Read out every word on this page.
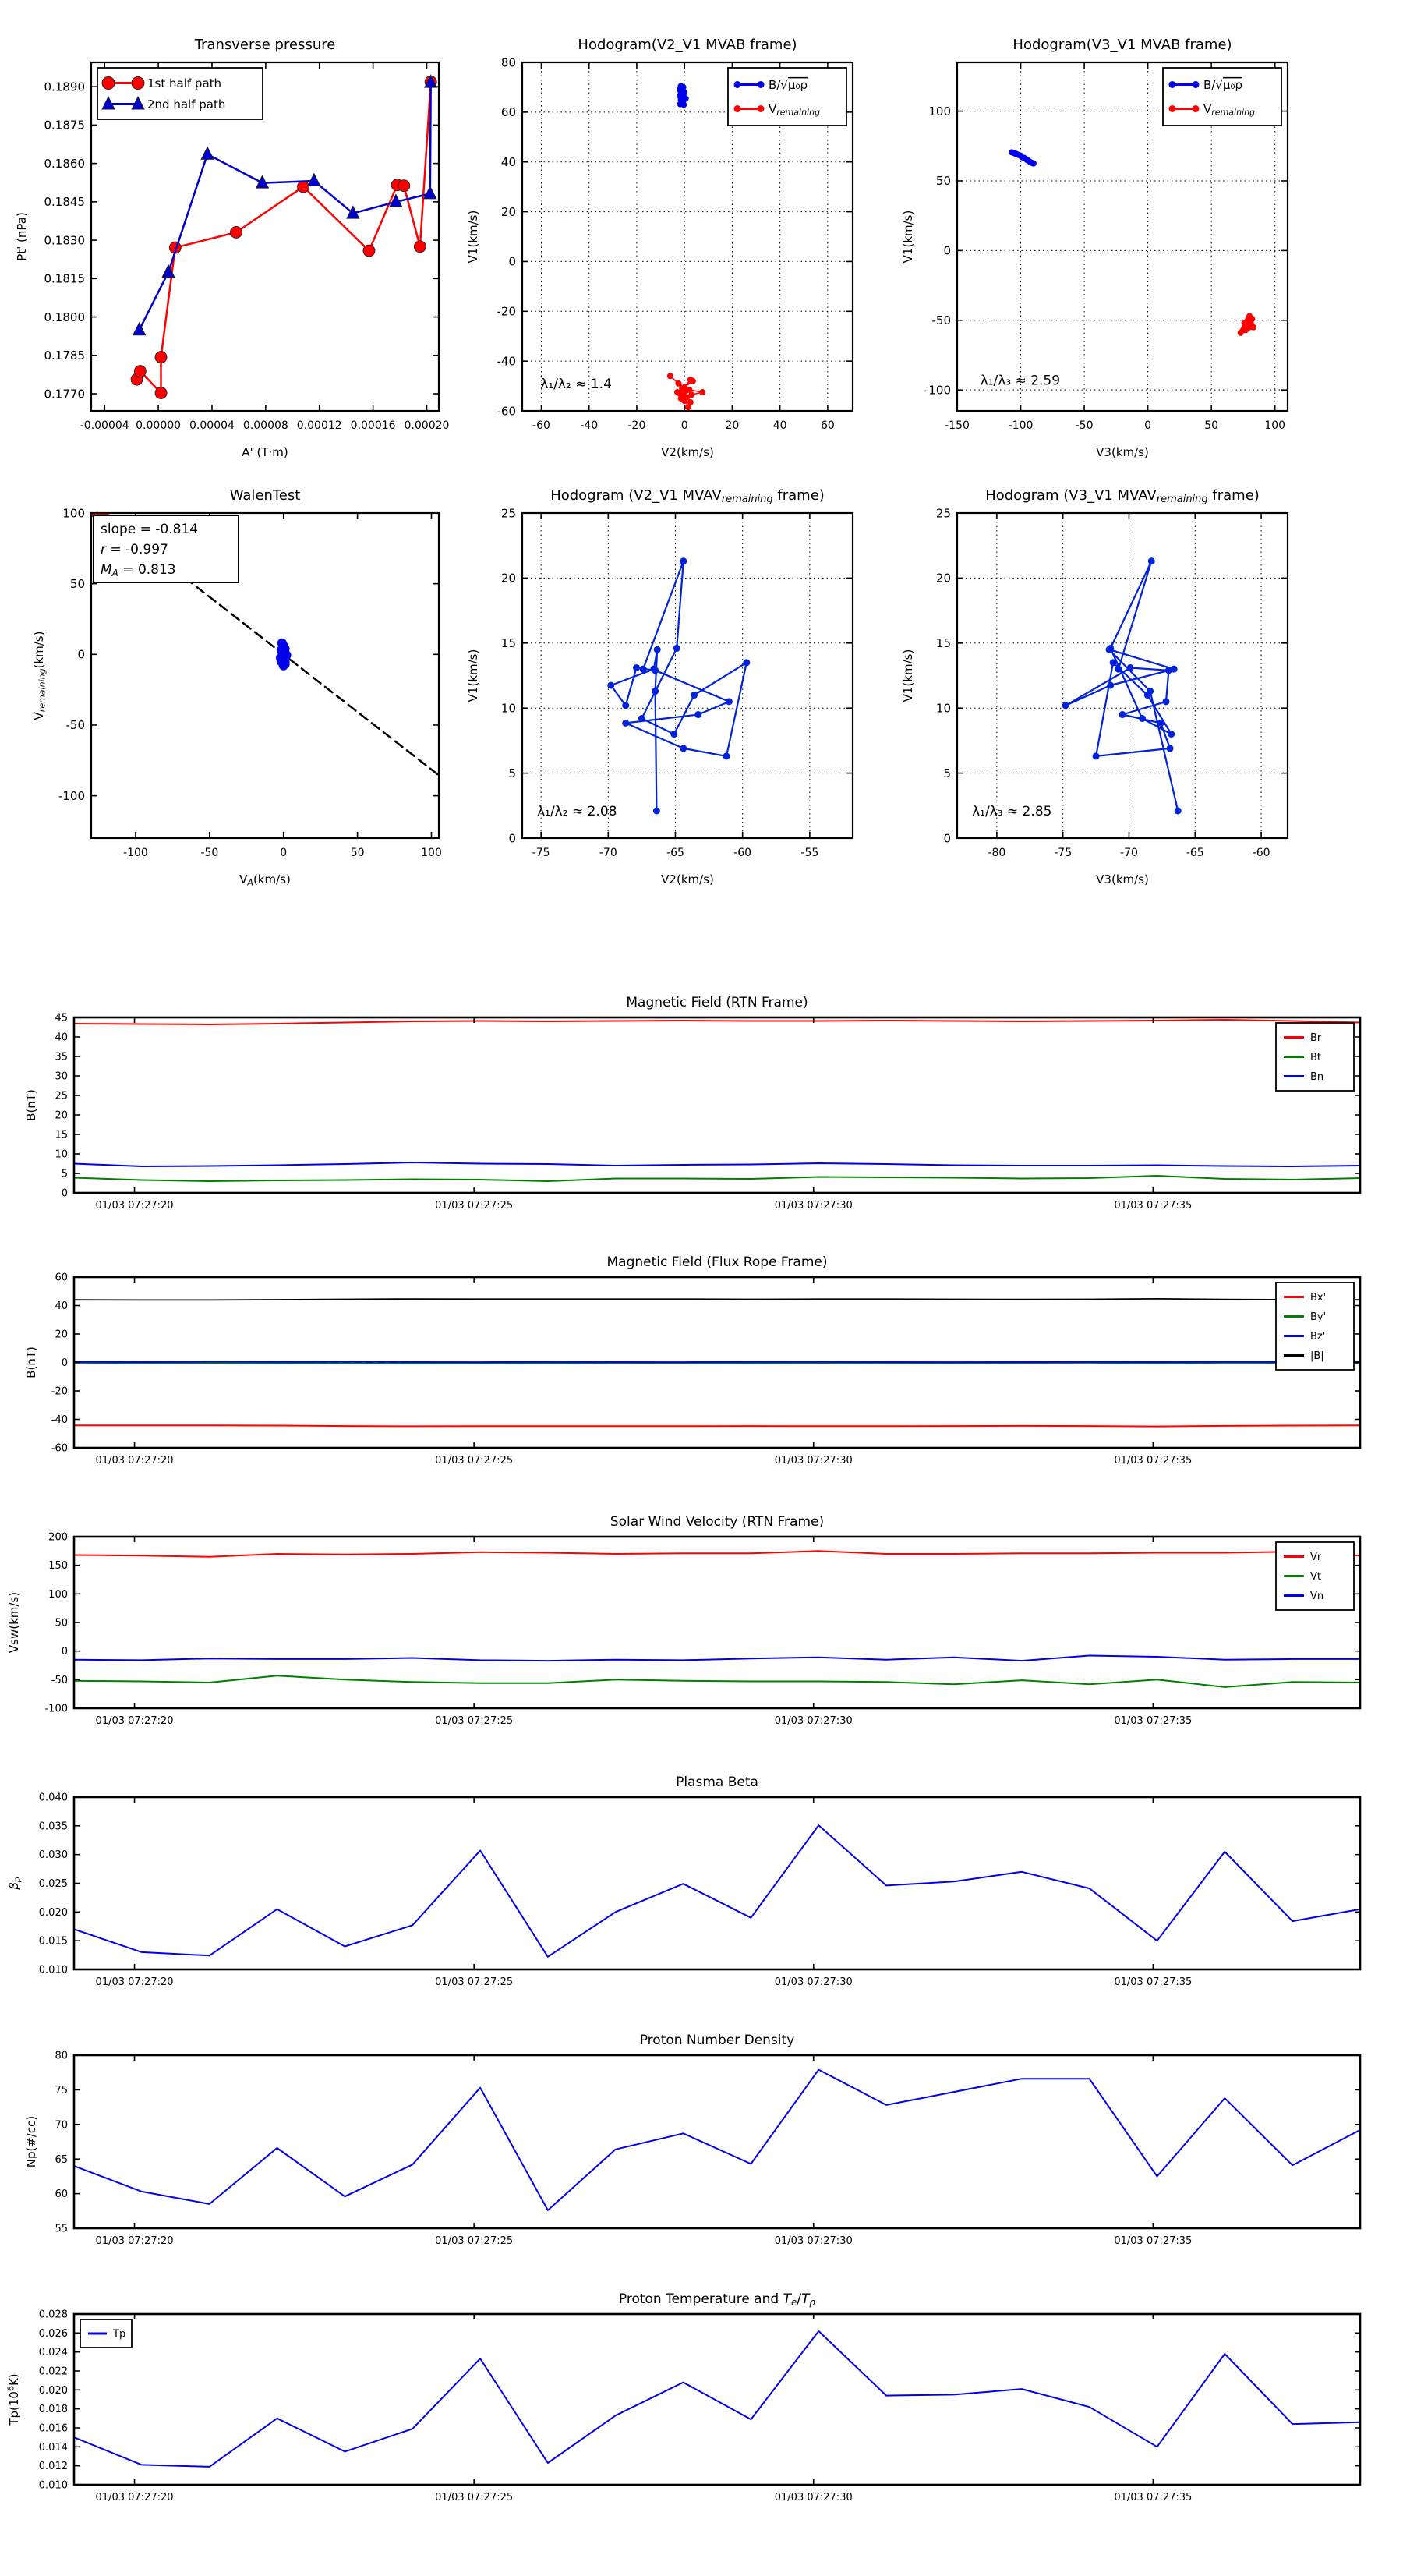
-0.00004 0.00000 0.00004 0.00008 0.00012 0.00016 0.00020
0.1770
0.1785
0.1800
0.1815
0.1830
0.1845
0.1860
0.1875
0.1890
Transverse pressure
A' (T·m)
Pt' (nPa)
1st half path
2nd half path
-60	-40	-20	0	20	40	60
-60
-40
-20
0
20
40
60
80
Hodogram(V2_V1 MVAB frame)
V2(km/s)
V1(km/s)
B/√μ₀ρ
Vremaining
λ₁/λ₂ ≈ 1.4
-150	-100	-50	0	50	100
-100
-50
0
50
100
Hodogram(V3_V1 MVAB frame)
V3(km/s)
V1(km/s)
B/√μ₀ρ
Vremaining
λ₁/λ₃ ≈ 2.59
-100	-50	0	50	100
-100
-50
0
50
100
WalenTest
VA(km/s)
Vremaining(km/s)
slope = -0.814
r = -0.997
MA = 0.813
-75	-70	-65	-60	-55
0
5
10
15
20
25
Hodogram (V2_V1 MVAVremaining frame)
V2(km/s)
V1(km/s)
λ₁/λ₂ ≈ 2.08
-80	-75	-70	-65	-60
0
5
10
15
20
25
Hodogram (V3_V1 MVAVremaining frame)
V3(km/s)
V1(km/s)
λ₁/λ₃ ≈ 2.85
01/03 07:27:20	01/03 07:27:25	01/03 07:27:30	01/03 07:27:35
0
5
10
15
20
25
30
35
40
45
Magnetic Field (RTN Frame)
B(nT)
Br
Bt
Bn
01/03 07:27:20	01/03 07:27:25	01/03 07:27:30	01/03 07:27:35
-60
-40
-20
0
20
40
60
Magnetic Field (Flux Rope Frame)
B(nT)
Bx'
By'
Bz'
|B|
01/03 07:27:20	01/03 07:27:25	01/03 07:27:30	01/03 07:27:35
-100
-50
0
50
100
150
200
Solar Wind Velocity (RTN Frame)
Vsw(km/s)
Vr
Vt
Vn
01/03 07:27:20	01/03 07:27:25	01/03 07:27:30	01/03 07:27:35
0.010
0.015
0.020
0.025
0.030
0.035
0.040
Plasma Beta
βp
01/03 07:27:20	01/03 07:27:25	01/03 07:27:30	01/03 07:27:35
55
60
65
70
75
80
Proton Number Density
Np(#/cc)
01/03 07:27:20	01/03 07:27:25	01/03 07:27:30	01/03 07:27:35
0.010
0.012
0.014
0.016
0.018
0.020
0.022
0.024
0.026
0.028
Proton Temperature and Te/Tp
$Tp(10^6K)$
Tp
